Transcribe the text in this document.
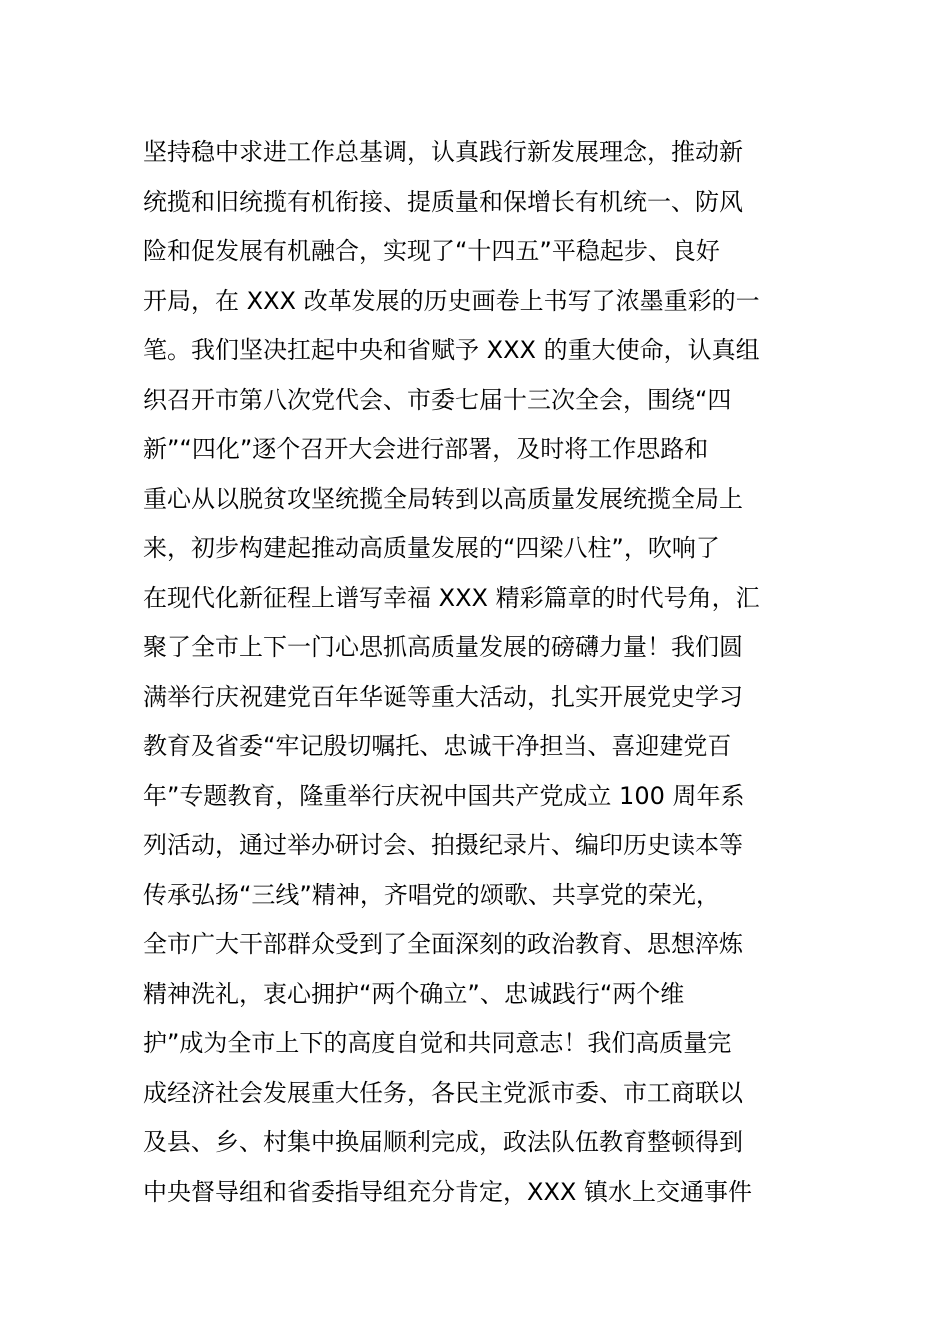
坚持稳中求进工作总基调，认真践行新发展理念，推动新
统揽和旧统揽有机衔接、提质量和保增长有机统一、防风
险和促发展有机融合，实现了“十四五”平稳起步、良好
开局，在 XXX 改革发展的历史画卷上书写了浓墨重彩的一
笔。我们坚决扛起中央和省赋予 XXX 的重大使命，认真组
织召开市第八次党代会、市委七届十三次全会，围绕“四
新”“四化”逐个召开大会进行部署，及时将工作思路和
重心从以脱贫攻坚统揽全局转到以高质量发展统揽全局上
来，初步构建起推动高质量发展的“四梁八柱”，吹响了
在现代化新征程上谱写幸福 XXX 精彩篇章的时代号角，汇
聚了全市上下一门心思抓高质量发展的磅礴力量！我们圆
满举行庆祝建党百年华诞等重大活动，扎实开展党史学习
教育及省委“牢记殷切嘱托、忠诚干净担当、喜迎建党百
年”专题教育，隆重举行庆祝中国共产党成立 100 周年系
列活动，通过举办研讨会、拍摄纪录片、编印历史读本等
传承弘扬“三线”精神，齐唱党的颂歌、共享党的荣光，
全市广大干部群众受到了全面深刻的政治教育、思想淬炼
精神洗礼，衷心拥护“两个确立”、忠诚践行“两个维
护”成为全市上下的高度自觉和共同意志！我们高质量完
成经济社会发展重大任务，各民主党派市委、市工商联以
及县、乡、村集中换届顺利完成，政法队伍教育整顿得到
中央督导组和省委指导组充分肯定，XXX 镇水上交通事件
